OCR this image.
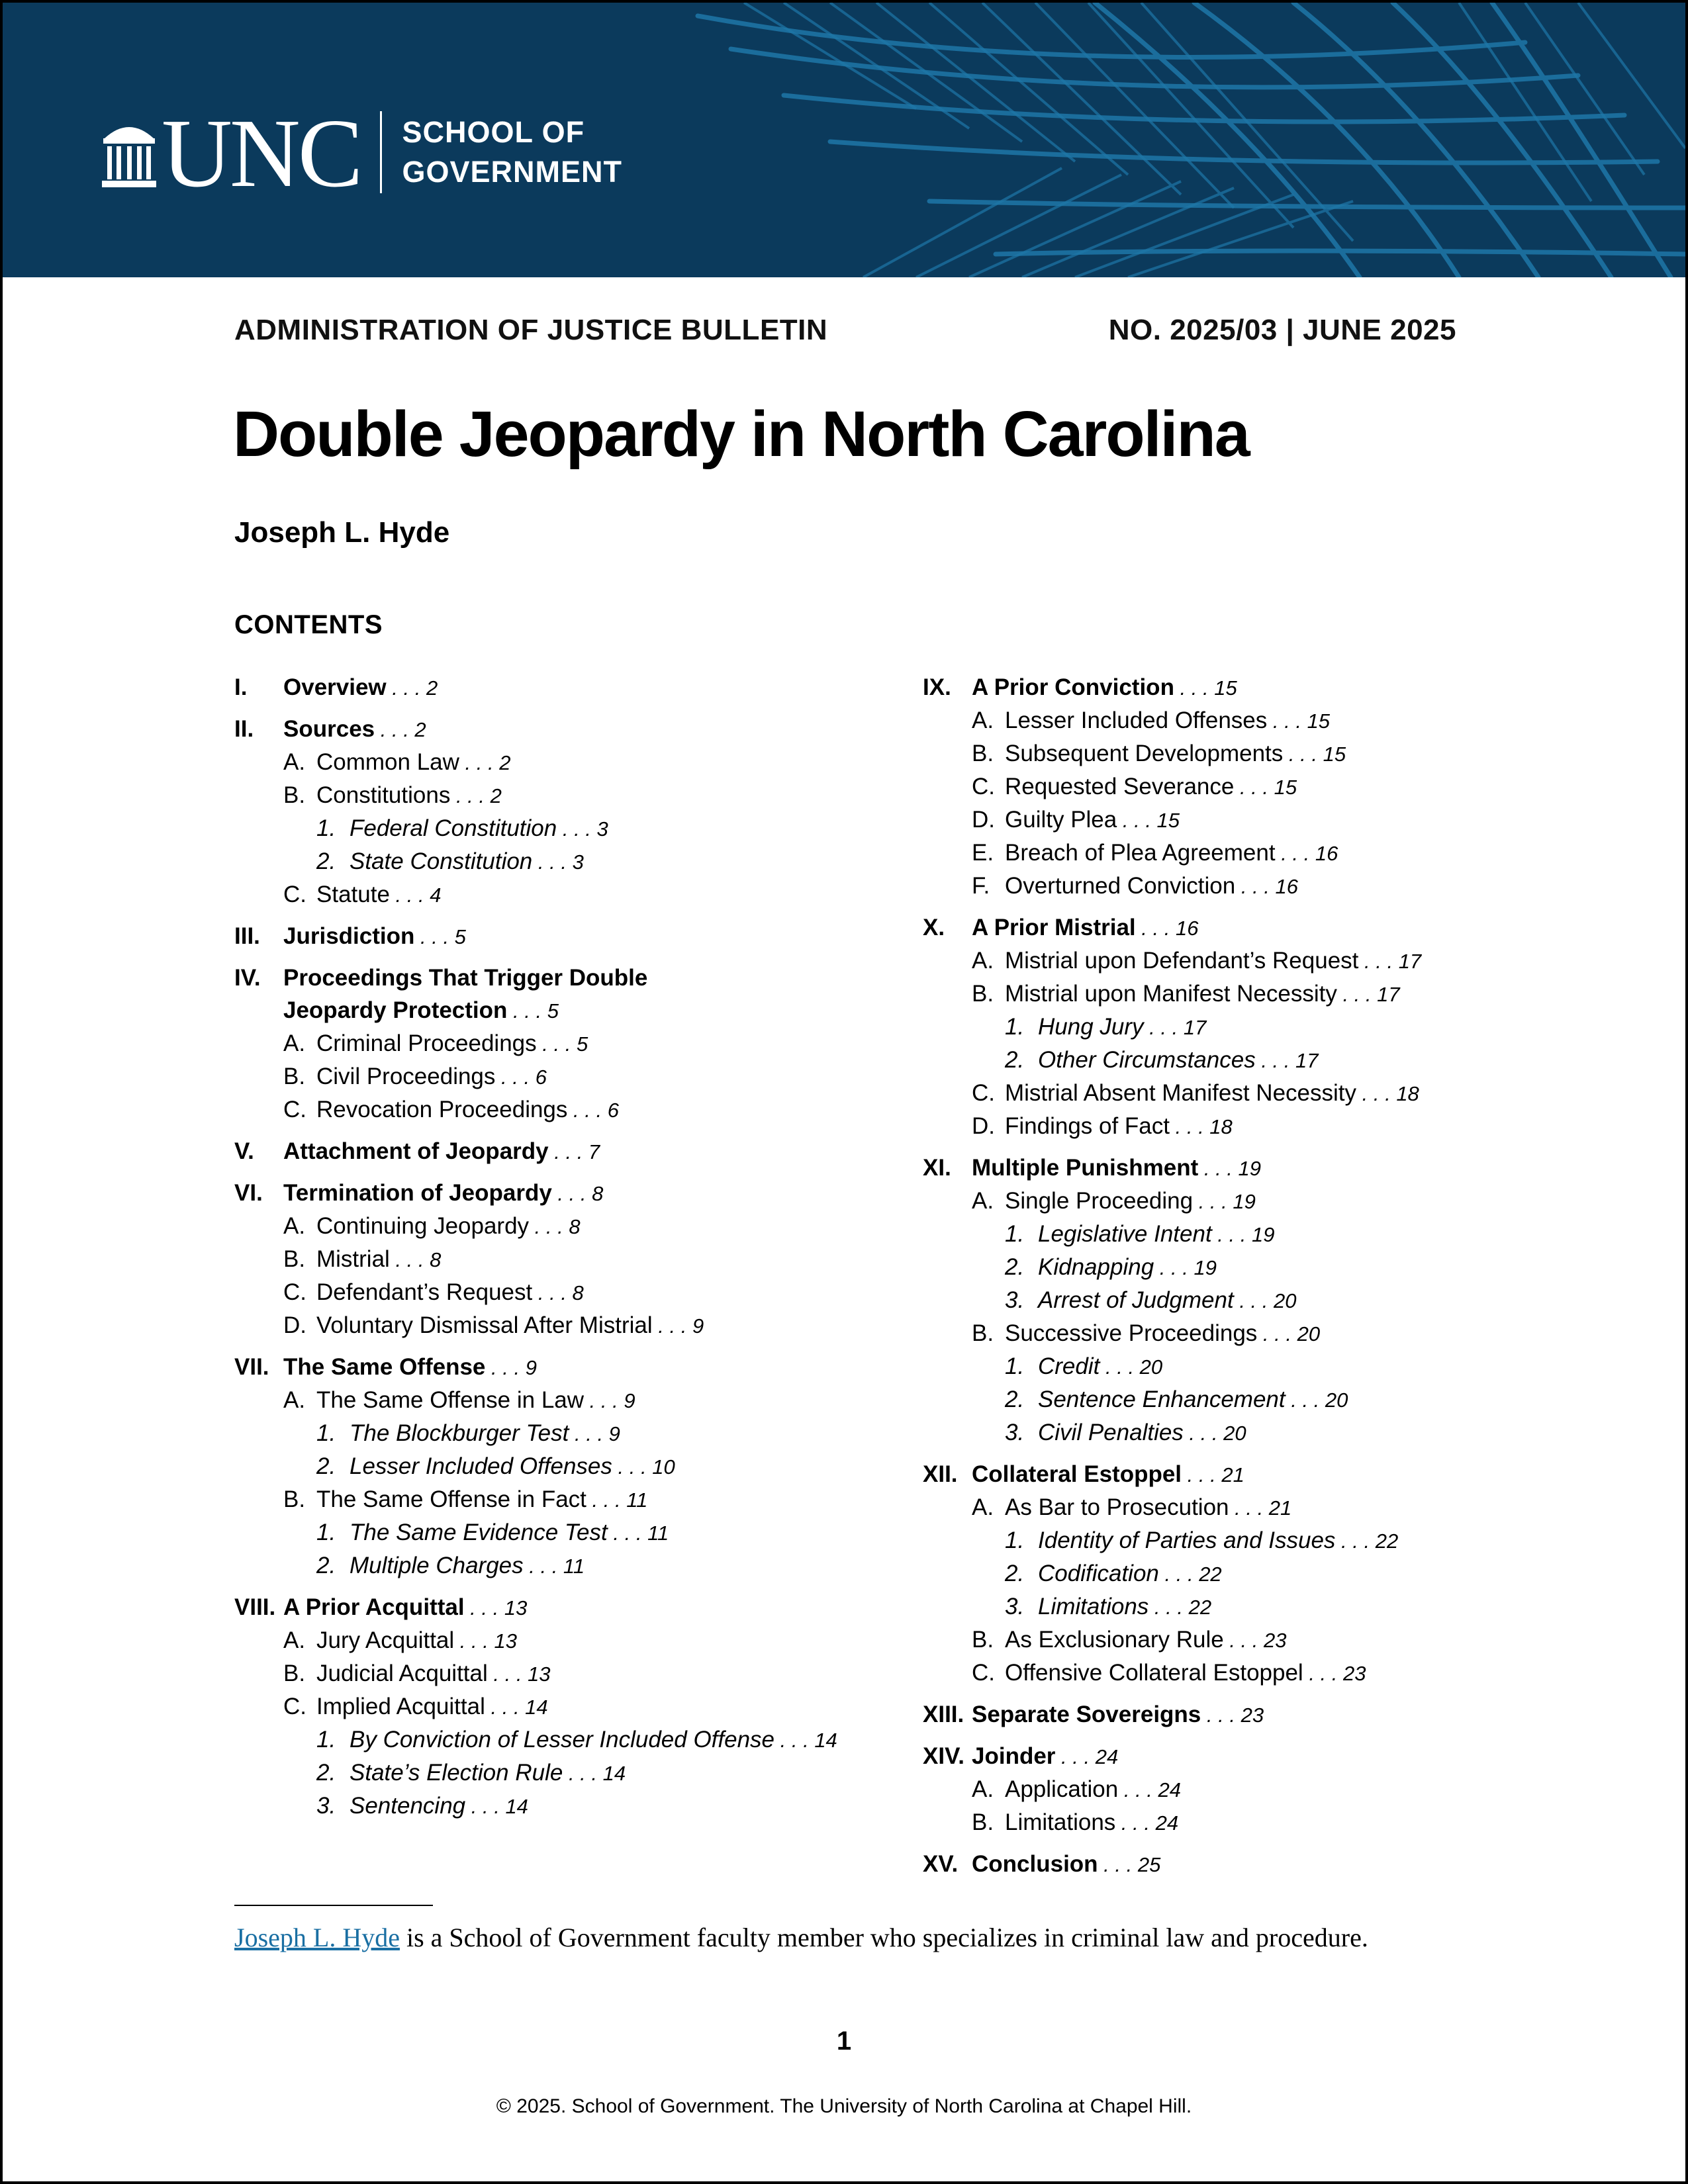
UNC SCHOOL OF
GOVERNMENT
ADMINISTRATION OF JUSTICE BULLETIN	NO. 2025/03 | JUNE 2025
Double Jeopardy in North Carolina
Joseph L. Hyde
CONTENTS
I.	Overview . . . 2
II.	Sources . . . 2
A. Common Law . . . 2
B. Constitutions . . . 2
1. Federal Constitution . . . 3
2. State Constitution . . . 3
C. Statute . . . 4
III.	Jurisdiction . . . 5
IV. Proceedings That Trigger Double
Jeopardy Protection . . . 5
A. Criminal Proceedings . . . 5
B. Civil Proceedings . . . 6
C. Revocation Proceedings . . . 6
V.	Attachment of Jeopardy . . . 7
VI. Termination of Jeopardy . . . 8
A. Continuing Jeopardy . . . 8
B. Mistrial . . . 8
C. Defendant’s Request . . . 8
D. Voluntary Dismissal After Mistrial . . . 9
VII. The Same Offense . . . 9
A. The Same Offense in Law . . . 9
1. The Blockburger Test . . . 9
2. Lesser Included Offenses . . . 10
B. The Same Offense in Fact . . . 11
1. The Same Evidence Test . . . 11
2. Multiple Charges . . . 11
VIII. A Prior Acquittal . . . 13
A. Jury Acquittal . . . 13
B. Judicial Acquittal . . . 13
C. Implied Acquittal . . . 14
1. By Conviction of Lesser Included Offense . . . 14
2. State’s Election Rule . . . 14
3. Sentencing . . . 14
IX. A Prior Conviction . . . 15
A. Lesser Included Offenses . . . 15
B. Subsequent Developments . . . 15
C. Requested Severance . . . 15
D. Guilty Plea . . . 15
E. Breach of Plea Agreement . . . 16
F. Overturned Conviction . . . 16
X.	A Prior Mistrial . . . 16
A. Mistrial upon Defendant’s Request . . . 17
B. Mistrial upon Manifest Necessity . . . 17
1. Hung Jury . . . 17
2. Other Circumstances . . . 17
C. Mistrial Absent Manifest Necessity . . . 18
D. Findings of Fact . . . 18
XI. Multiple Punishment . . . 19
A. Single Proceeding . . . 19
1. Legislative Intent . . . 19
2. Kidnapping . . . 19
3. Arrest of Judgment . . . 20
B. Successive Proceedings . . . 20
1. Credit . . . 20
2. Sentence Enhancement . . . 20
3. Civil Penalties . . . 20
XII. Collateral Estoppel . . . 21
A. As Bar to Prosecution . . . 21
1. Identity of Parties and Issues . . . 22
2. Codification . . . 22
3. Limitations . . . 22
B. As Exclusionary Rule . . . 23
C. Offensive Collateral Estoppel . . . 23
XIII. Separate Sovereigns . . . 23
XIV. Joinder . . . 24
A. Application . . . 24
B. Limitations . . . 24
XV. Conclusion . . . 25
Joseph L. Hyde is a School of Government faculty member who specializes in criminal law and procedure.
1
© 2025. School of Government. The University of North Carolina at Chapel Hill.
